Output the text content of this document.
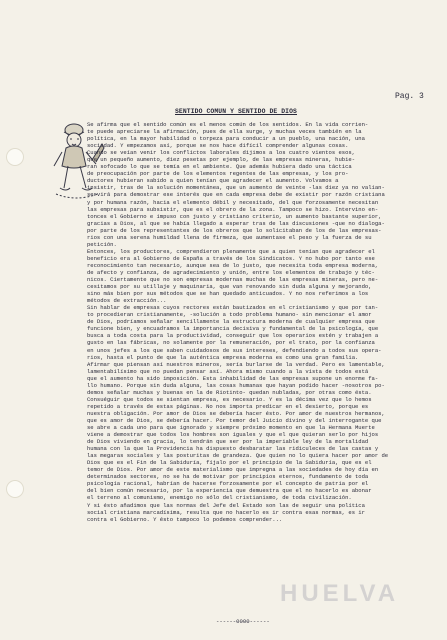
Pag. 3
SENTIDO COMUN Y SENTIDO DE DIOS
Se afirma que el sentido común es el menos común de los sentidos. En la vida corrien-
te puede apreciarse la afirmación, pues de ella surge, y muchas veces también en la
política, en la mayor habilidad o torpeza para conducir a un pueblo, una nación, una
sociedad. Y empezamos así, porque se nos hace difícil comprender algunas cosas.
Cuando se veían venir los conflictos laborales dijimos a los cuatro vientos esos,
que un pequeño aumento, diez pesetas por ejemplo, de las empresas mineras, hubie-
ran sofocado lo que se temía en el ambiente. Que además hubiera dado una táctica
de preocupación por parte de los elementos regentes de las empresas, y los pro-
ductores hubieran sabido a quien tenían que agradecer el aumento. Volvamos a
insistir, tras de la solución momentánea, que un aumento de veinte -las diez ya no valían-
servirá para demostrar ese interés que en cada empresa debe de existir por razón cristiana
y por humana razón, hacia el elemento débil y necesitado, del que forzosamente necesitan
las empresas para subsistir, que es el obrero de la zona. Tampoco se hizo. Intervino en-
tonces el Gobierno e impuso con justo y cristiano criterio, un aumento bastante superior,
gracias a Dios, al que se había llegado a esperar tras de las discusiones -que no dialoga-
por parte de los representantes de los obreros que lo solicitaban de los de las empresas-
rios con una serena humildad llena de firmeza, que aumentase el peso y la fuerza de su
petición.
Entonces, los productores, comprendieron plenamente que a quien tenían que agradecer el
beneficio era al Gobierno de España a través de los Sindicatos. Y no hubo por tanto ese
reconocimiento tan necesario, aunque sea de lo justo, que necesita toda empresa moderna,
de afecto y confianza, de agradecimiento y unión, entre los elementos de trabajo y téc-
nicos. Ciertamente que no son empresas modernas muchas de las empresas mineras, pero ne-
cesitamos por su utillaje y maquinaria, que van renovando sin duda alguna y mejorando,
sino más bien por sus métodos que se han quedado anticuados. Y no nos referimos a los
métodos de extracción...
Sin hablar de empresas cuyos rectores están bautizados en el cristianismo y que por tan-
to procedieran cristianamente, -solución a todo problema humano- sin mencionar el amor
de Dios, podríamos señalar sencillamente la estructura moderna de cualquier empresa que
funcione bien, y encuadramos la importancia decisiva y fundamental de la psicología, que
busca a toda costa para la productividad, conseguir que los operarios estén y trabajen a
gusto en las fábricas, no solamente por la remuneración, por el trato, por la confianza
en unos jefes a los que saben cuidadosos de sus intereses, defendiendo a todos sus opera-
rios, hasta el punto de que la auténtica empresa moderna es como una gran familia.
Afirmar que piensan así nuestros mineros, sería burlarse de la verdad. Pero es lamentable,
lamentabilísimo que no puedan pensar así. Ahora mismo cuando a la vista de todos está
que el aumento ha sido imposición. Esta inhabilidad de las empresas supone un enorme fa-
llo humano. Porque sin duda alguna, las cosas humanas que hayan podido hacer -nosotros po-
demos señalar muchas y buenas en la de Riotinto- quedan nubladas, por otras como ésta.
Consuéguir que todos se sientan empresa, es necesario. Y es la décima vez que lo hemos
repetido a través de estas páginas. No nos importa predicar en el desierto, porque es
nuestra obligación. Por amor de Dios se debería hacer ésto. Por amor de nuestros hermanos,
que es amor de Dios, se debería hacer. Por temor del Juicio divino y del interrogante que
se abre a cada uno para que ignorado y siempre próximo momento en que la Hermana Muerte
viene a demostrar que todos los hombres son iguales y que el que quieran serlo por hijos
de Dios viviendo en gracia, lo tendrán que ser por la imperiable ley de la mortalidad
humana con la que la Providencia ha dispuesto desbaratar las ridiculeces de las castas y
las megaras sociales y las posturitas de grandeza. Que quien no lo quiera hacer por amor de
Dios que es el Fin de la Sabiduría, fíjalo por el principio de la Sabiduría, que es el
temor de Dios. Por amor de este materialismo que impregna a las sociedades de hoy día en
determinados sectores, no se ha de motivar por principios eternos, fundamento de toda
psicología racional, habrían de hacerse forzosamente por el concepto de patria por el
del bien común necesario, por la experiencia que demuestra que el no hacerlo es abonar
el terreno al comunismo, enemigo no sólo del cristianismo, de toda civilización.
Y si ésto añadimos que las normas del Jefe del Estado son las de seguir una política
social cristiana marcadísima, resulta que no hacerlo es ir contra esas normas, es ir
contra el Gobierno. Y ésto tampoco lo podemos comprender...
HUELVA
------0000------
